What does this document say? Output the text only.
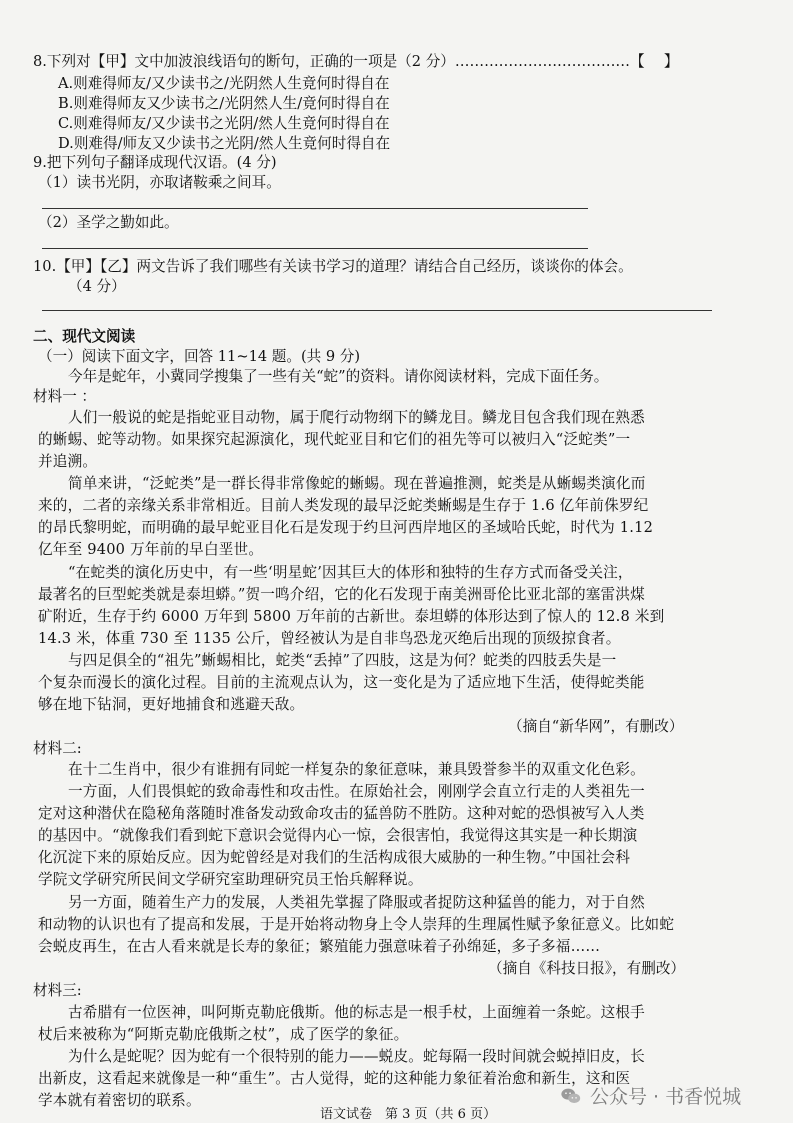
8.下列对【甲】文中加波浪线语句的断句，正确的一项是（2 分）………………………………【　 】
A.则难得师友/又少读书之/光阴然人生竟何时得自在
B.则难得师友又少读书之/光阴然人生/竟何时得自在
C.则难得师友/又少读书之光阴/然人生竟何时得自在
D.则难得/师友又少读书之光阴/然人生竟何时得自在
9.把下列句子翻译成现代汉语。(4 分)
（1）读书光阴，亦取诸鞍乘之间耳。
（2）圣学之勤如此。
10.【甲】【乙】两文告诉了我们哪些有关读书学习的道理？请结合自己经历，谈谈你的体会。
（4 分）
二、现代文阅读
（一）阅读下面文字，回答 11~14 题。(共 9 分)
今年是蛇年，小冀同学搜集了一些有关“蛇”的资料。请你阅读材料，完成下面任务。
材料一 ：
人们一般说的蛇是指蛇亚目动物，属于爬行动物纲下的鳞龙目。鳞龙目包含我们现在熟悉
的蜥蜴、蛇等动物。如果探究起源演化，现代蛇亚目和它们的祖先等可以被归入“泛蛇类”一
并追溯。
简单来讲，“泛蛇类”是一群长得非常像蛇的蜥蜴。现在普遍推测，蛇类是从蜥蜴类演化而
来的，二者的亲缘关系非常相近。目前人类发现的最早泛蛇类蜥蜴是生存于 1.6 亿年前侏罗纪
的昂氏黎明蛇，而明确的最早蛇亚目化石是发现于约旦河西岸地区的圣域哈氏蛇，时代为 1.12
亿年至 9400 万年前的早白垩世。
“在蛇类的演化历史中，有一些‘明星蛇’因其巨大的体形和独特的生存方式而备受关注，
最著名的巨型蛇类就是泰坦蟒。”贺一鸣介绍，它的化石发现于南美洲哥伦比亚北部的塞雷洪煤
矿附近，生存于约 6000 万年到 5800 万年前的古新世。泰坦蟒的体形达到了惊人的 12.8 米到
14.3 米，体重 730 至 1135 公斤，曾经被认为是自非鸟恐龙灭绝后出现的顶级掠食者。
与四足俱全的“祖先”蜥蜴相比，蛇类“丢掉”了四肢，这是为何？蛇类的四肢丢失是一
个复杂而漫长的演化过程。目前的主流观点认为，这一变化是为了适应地下生活，使得蛇类能
够在地下钻洞，更好地捕食和逃避天敌。
（摘自“新华网”，有删改）
材料二:
在十二生肖中，很少有谁拥有同蛇一样复杂的象征意味，兼具毁誉参半的双重文化色彩。
一方面，人们畏惧蛇的致命毒性和攻击性。在原始社会，刚刚学会直立行走的人类祖先一
定对这种潜伏在隐秘角落随时准备发动致命攻击的猛兽防不胜防。这种对蛇的恐惧被写入人类
的基因中。“就像我们看到蛇下意识会觉得内心一惊，会很害怕，我觉得这其实是一种长期演
化沉淀下来的原始反应。因为蛇曾经是对我们的生活构成很大威胁的一种生物。”中国社会科
学院文学研究所民间文学研究室助理研究员王怡兵解释说。
另一方面，随着生产力的发展，人类祖先掌握了降服或者捉防这种猛兽的能力，对于自然
和动物的认识也有了提高和发展，于是开始将动物身上令人崇拜的生理属性赋予象征意义。比如蛇
会蜕皮再生，在古人看来就是长寿的象征；繁殖能力强意味着子孙绵延，多子多福……
（摘自《科技日报》，有删改）
材料三:
古希腊有一位医神，叫阿斯克勒庇俄斯。他的标志是一根手杖，上面缠着一条蛇。这根手
杖后来被称为“阿斯克勒庇俄斯之杖”，成了医学的象征。
为什么是蛇呢？因为蛇有一个很特别的能力——蜕皮。蛇每隔一段时间就会蜕掉旧皮，长
出新皮，这看起来就像是一种“重生”。古人觉得，蛇的这种能力象征着治愈和新生，这和医
学本就有着密切的联系。
语文试卷　第 3 页（共 6 页）
公众号 · 书香悦城
